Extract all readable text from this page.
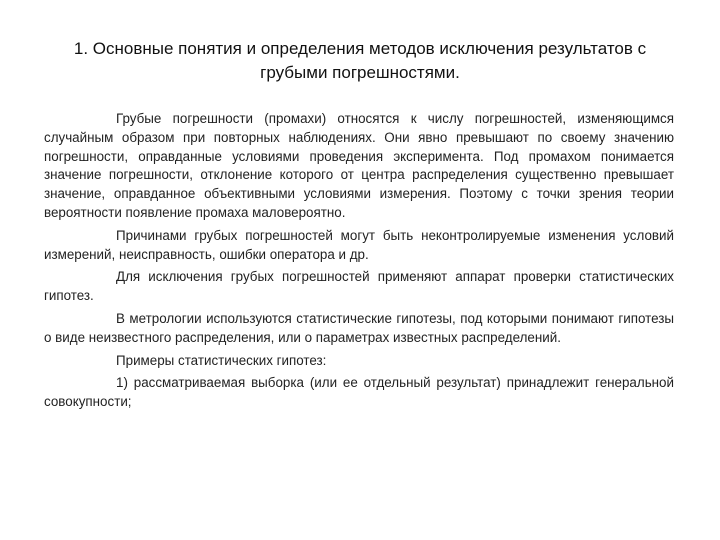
1. Основные понятия и определения методов исключения результатов с грубыми погрешностями.

Грубые погрешности (промахи) относятся к числу погрешностей, изменяющимся случайным образом при повторных наблюдениях. Они явно превышают по своему значению погрешности, оправданные условиями проведения эксперимента. Под промахом понимается значение погрешности, отклонение которого от центра распределения существенно превышает значение, оправданное объективными условиями измерения. Поэтому с точки зрения теории вероятности появление промаха маловероятно.

Причинами грубых погрешностей могут быть неконтролируемые изменения условий измерений, неисправность, ошибки оператора и др.

Для исключения грубых погрешностей применяют аппарат проверки статистических гипотез.

В метрологии используются статистические гипотезы, под которыми понимают гипотезы о виде неизвестного распределения, или о параметрах известных распределений.

Примеры статистических гипотез:

1) рассматриваемая выборка (или ее отдельный результат) принадлежит генеральной совокупности;
